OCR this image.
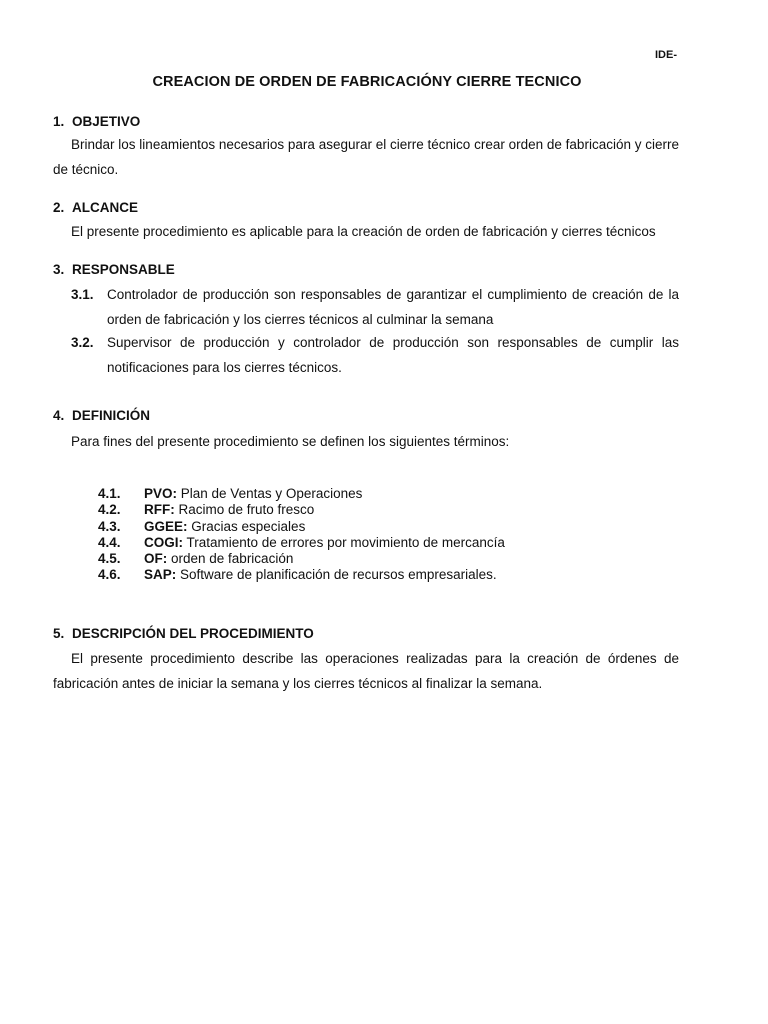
IDE-
CREACION DE ORDEN DE FABRICACIÓNY CIERRE TECNICO
1. OBJETIVO
Brindar los lineamientos necesarios para asegurar el cierre técnico crear orden de fabricación y cierre de técnico.
2. ALCANCE
El presente procedimiento es aplicable para la creación de orden de fabricación y cierres técnicos
3. RESPONSABLE
3.1. Controlador de producción son responsables de garantizar el cumplimiento de creación de la orden de fabricación y los cierres técnicos al culminar la semana
3.2. Supervisor de producción y controlador de producción son responsables de cumplir las notificaciones para los cierres técnicos.
4. DEFINICIÓN
Para fines del presente procedimiento se definen los siguientes términos:
4.1. PVO: Plan de Ventas y Operaciones
4.2. RFF: Racimo de fruto fresco
4.3. GGEE: Gracias especiales
4.4. COGI: Tratamiento de errores por movimiento de mercancía
4.5. OF: orden de fabricación
4.6. SAP: Software de planificación de recursos empresariales.
5. DESCRIPCIÓN DEL PROCEDIMIENTO
El presente procedimiento describe las operaciones realizadas para la creación de órdenes de fabricación antes de iniciar la semana y los cierres técnicos al finalizar la semana.
